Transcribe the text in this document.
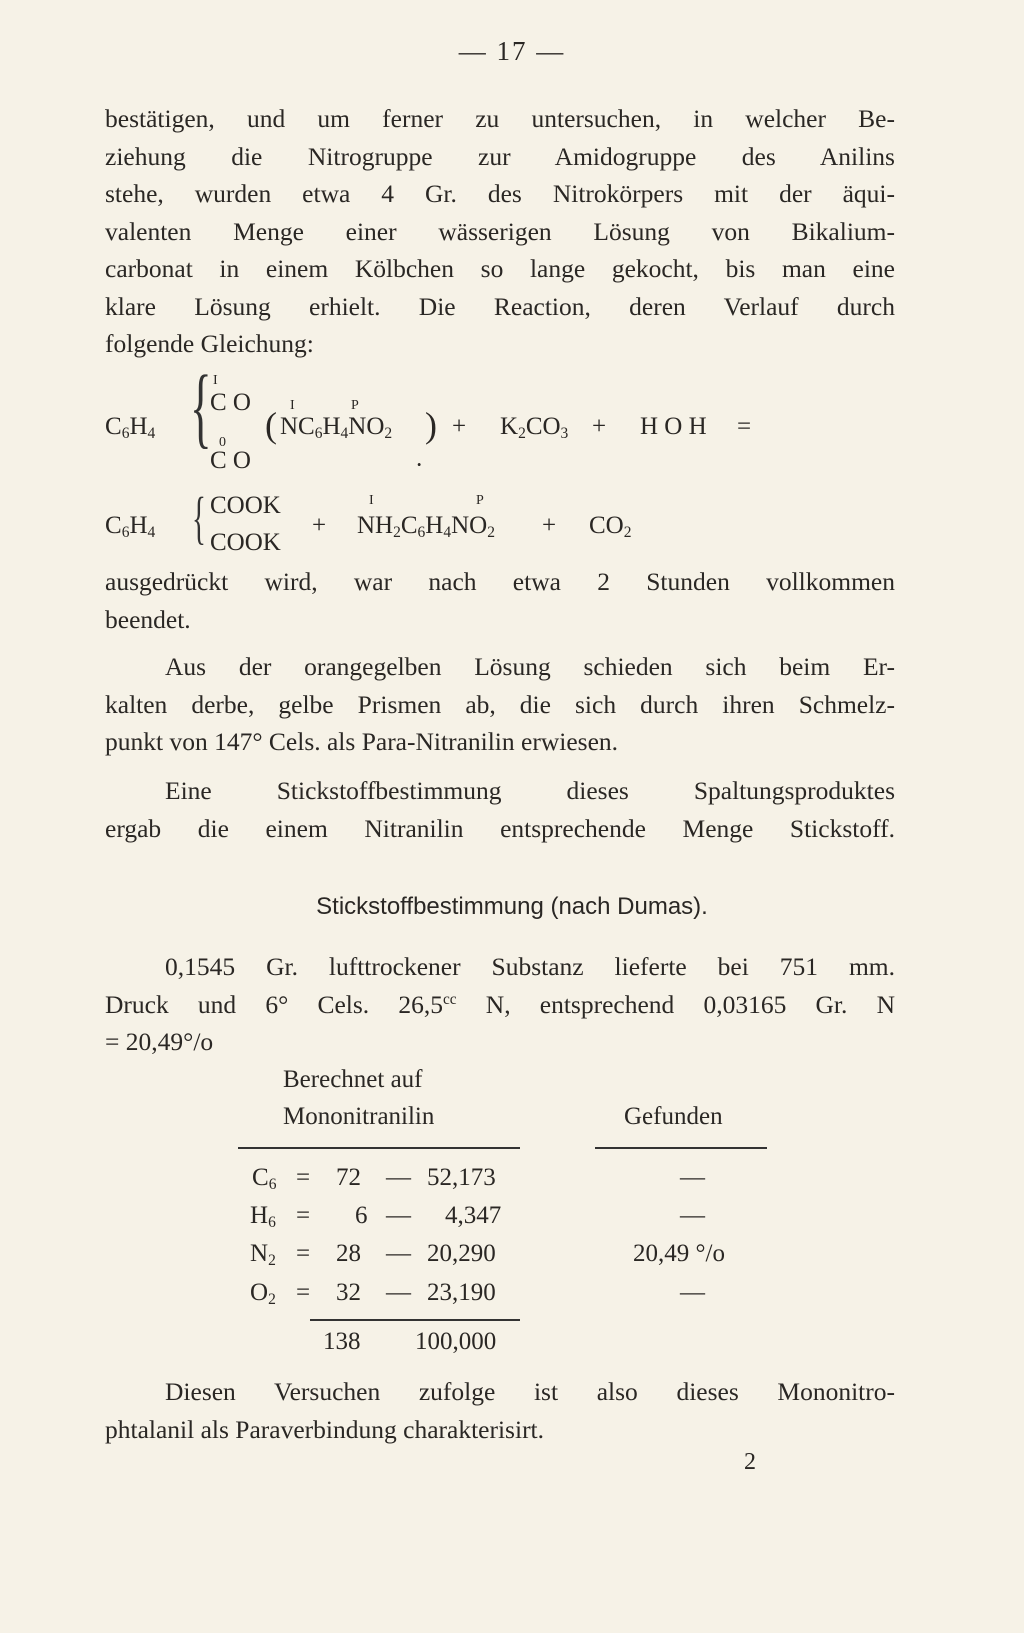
— 17 —
bestätigen, und um ferner zu untersuchen, in welcher Be-
ziehung die Nitrogruppe zur Amidogruppe des Anilins
stehe, wurden etwa 4 Gr. des Nitrokörpers mit der äqui-
valenten Menge einer wässerigen Lösung von Bikalium-
carbonat in einem Kölbchen so lange gekocht, bis man eine
klare Lösung erhielt. Die Reaction, deren Verlauf durch
folgende Gleichung:
C6H4 { I
C O
0
C O
I	P
( NC6H4NO2 ) + K2CO3 + H O H =
·
C6H4 { COOK
COOK
+
I	P
NH2C6H4NO2 + CO2
ausgedrückt wird, war nach etwa 2 Stunden vollkommen
beendet.
Aus der orangegelben Lösung schieden sich beim Er-
kalten derbe, gelbe Prismen ab, die sich durch ihren Schmelz-
punkt von 147° Cels. als Para-Nitranilin erwiesen.
Eine Stickstoffbestimmung dieses Spaltungsproduktes
ergab die einem Nitranilin entsprechende Menge Stickstoff.
Stickstoffbestimmung (nach Dumas).
0,1545 Gr. lufttrockener Substanz lieferte bei 751 mm.
Druck und 6° Cels. 26,5$^{cc}$ N, entsprechend 0,03165 Gr. N
= 20,49°/o
Berechnet auf
Mononitranilin	Gefunden
C6 = 72 — 52,173	—
H6 = 6 — 4,347	—
N2 = 28 — 20,290	20,49 °/o
O2 = 32 — 23,190	—
138 100,000
Diesen Versuchen zufolge ist also dieses Mononitro-
phtalanil als Paraverbindung charakterisirt.
2
